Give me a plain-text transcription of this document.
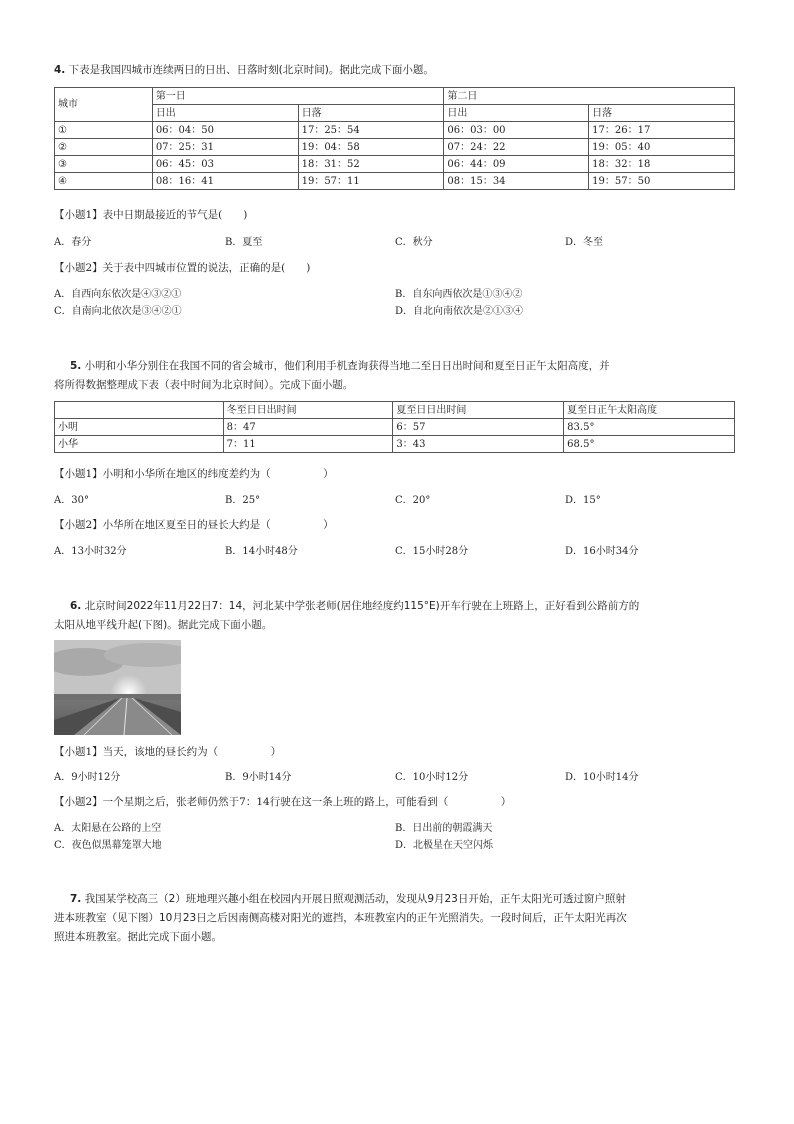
4. 下表是我国四城市连续两日的日出、日落时刻(北京时间)。据此完成下面小题。
城市	第一日		第二日	
	日出	日落	日出	日落
①	06：04：50	17：25：54	06：03：00	17：26：17
②	07：25：31	19：04：58	07：24：22	19：05：40
③	06：45：03	18：31：52	06：44：09	18：32：18
④	08：16：41	19：57：11	08：15：34	19：57：50
【小题1】表中日期最接近的节气是(　　)
A．春分	B．夏至	C．秋分	D．冬至
【小题2】关于表中四城市位置的说法，正确的是(　　)
A．自西向东依次是④③②①	B．自东向西依次是①③④②
C．自南向北依次是③④②①	D．自北向南依次是②①③④
5. 小明和小华分别住在我国不同的省会城市，他们利用手机查询获得当地二至日日出时间和夏至日正午太阳高度，并
将所得数据整理成下表（表中时间为北京时间）。完成下面小题。
	冬至日日出时间	夏至日日出时间	夏至日正午太阳高度
小明	8：47	6：57	83.5°
小华	7：11	3：43	68.5°
【小题1】小明和小华所在地区的纬度差约为（　　　　　）
A．30°	B．25°	C．20°	D．15°
【小题2】小华所在地区夏至日的昼长大约是（　　　　　）
A．13小时32分	B．14小时48分	C．15小时28分	D．16小时34分
6. 北京时间2022年11月22日7：14，河北某中学张老师(居住地经度约115°E)开车行驶在上班路上，正好看到公路前方的
太阳从地平线升起(下图)。据此完成下面小题。
【小题1】当天，该地的昼长约为（　　　　　）
A．9小时12分	B．9小时14分	C．10小时12分	D．10小时14分
【小题2】一个星期之后，张老师仍然于7：14行驶在这一条上班的路上，可能看到（　　　　　）
A．太阳悬在公路的上空	B．日出前的朝霞满天
C．夜色似黑幕笼罩大地	D．北极星在天空闪烁
7. 我国某学校高三（2）班地理兴趣小组在校园内开展日照观测活动，发现从9月23日开始，正午太阳光可透过窗户照射
进本班教室（见下图）10月23日之后因南侧高楼对阳光的遮挡，本班教室内的正午光照消失。一段时间后，正午太阳光再次
照进本班教室。据此完成下面小题。
